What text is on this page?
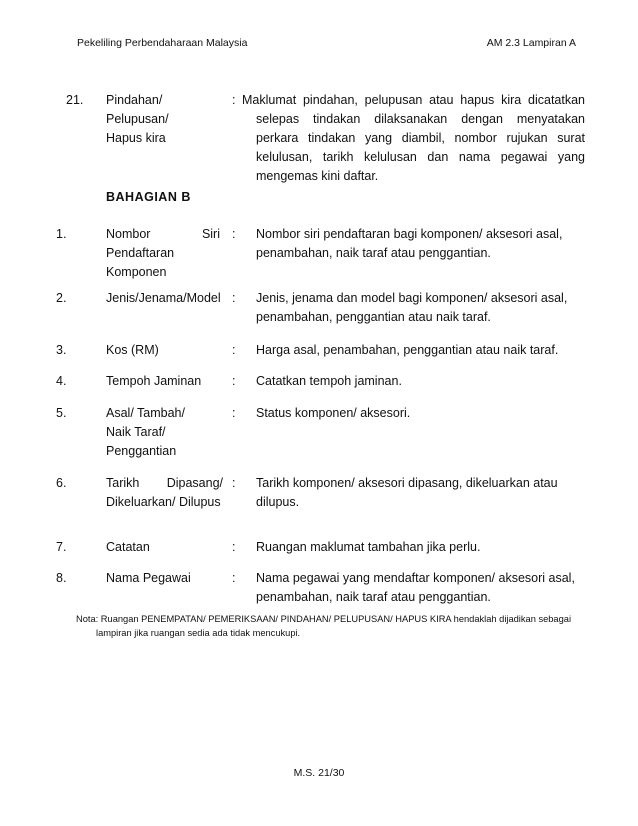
Pekeliling Perbendaharaan Malaysia	AM 2.3 Lampiran A
21. Pindahan/
Pelupusan/
Hapus kira
: Maklumat pindahan, pelupusan atau hapus kira dicatatkan
selepas tindakan dilaksanakan dengan menyatakan perkara tindakan yang diambil, nombor rujukan surat kelulusan, tarikh kelulusan dan nama pegawai yang mengemas kini daftar.
BAHAGIAN B
1.	Nombor	Siri
Pendaftaran
Komponen
: Nombor siri pendaftaran bagi komponen/ aksesori asal, penambahan, naik taraf atau penggantian.
2.	Jenis/Jenama/Model : Jenis, jenama dan model bagi komponen/ aksesori asal, penambahan, penggantian atau naik taraf.
3.	Kos (RM)	: Harga asal, penambahan, penggantian atau naik taraf.
4.	Tempoh Jaminan	: Catatkan tempoh jaminan.
5.	Asal/ Tambah/
Naik Taraf/
Penggantian
: Status komponen/ aksesori.
6.	Tarikh Dipasang/
Dikeluarkan/ Dilupus
: Tarikh komponen/ aksesori dipasang, dikeluarkan atau dilupus.
7.	Catatan	: Ruangan maklumat tambahan jika perlu.
8.	Nama Pegawai	: Nama pegawai yang mendaftar komponen/ aksesori asal, penambahan, naik taraf atau penggantian.
Nota: Ruangan PENEMPATAN/ PEMERIKSAAN/ PINDAHAN/ PELUPUSAN/ HAPUS KIRA hendaklah dijadikan sebagai
lampiran jika ruangan sedia ada tidak mencukupi.
M.S. 21/30
